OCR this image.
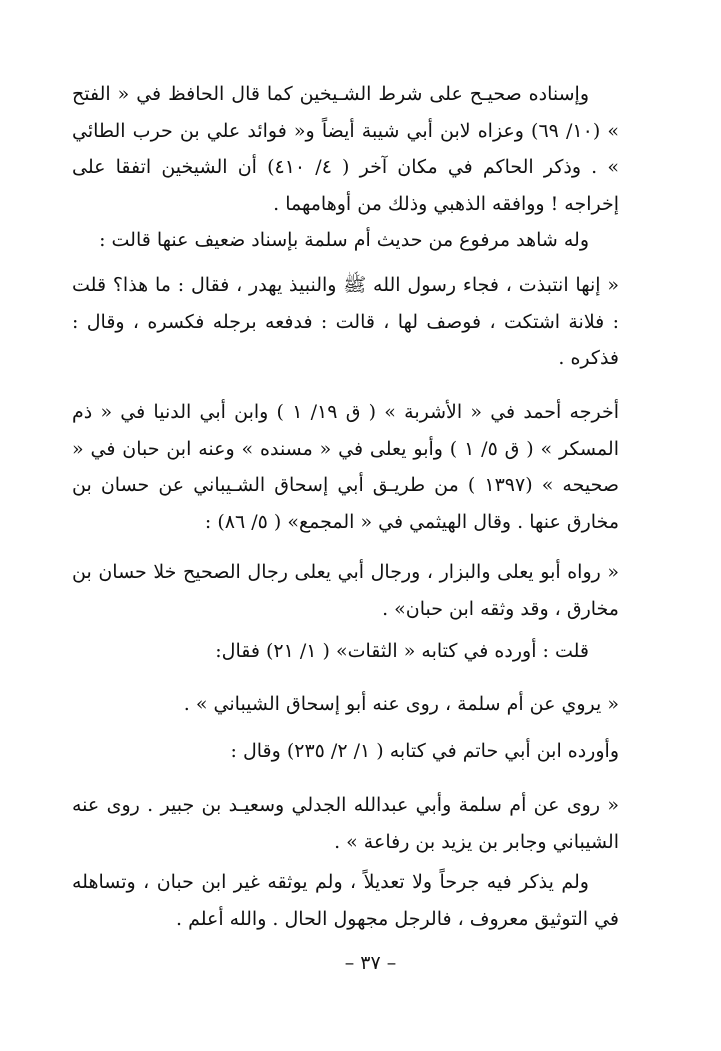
وإسناده صحيـح على شرط الشـيخين كما قال الحافظ في « الفتح » (١٠/ ٦٩) وعزاه لابن أبي شيبة أيضاً و« فوائد علي بن حرب الطائي » . وذكر الحاكم في مكان آخر ( ٤/ ٤١٠) أن الشيخين اتفقا على إخراجه ! ووافقه الذهبي وذلك من أوهامهما .

وله شاهد مرفوع من حديث أم سلمة بإسناد ضعيف عنها قالت :

« إنها انتبذت ، فجاء رسول الله ﷺ والنبيذ يهدر ، فقال : ما هذا؟ قلت : فلانة اشتكت ، فوصف لها ، قالت : فدفعه برجله فكسره ، وقال : فذكره .

أخرجه أحمد في « الأشربة » ( ق ١٩/ ١ ) وابن أبي الدنيا في « ذم المسكر » ( ق ٥/ ١ ) وأبو يعلى في « مسنده » وعنه ابن حبان في « صحيحه » (١٣٩٧ ) من طريـق أبي إسحاق الشـيباني عن حسان بن مخارق عنها . وقال الهيثمي في « المجمع» ( ٥/ ٨٦) :

« رواه أبو يعلى والبزار ، ورجال أبي يعلى رجال الصحيح خلا حسان بن مخارق ، وقد وثقه ابن حبان» .

قلت : أورده في كتابه « الثقات» ( ١/ ٢١) فقال:

« يروي عن أم سلمة ، روى عنه أبو إسحاق الشيباني » .

وأورده ابن أبي حاتم في كتابه ( ١/ ٢/ ٢٣٥) وقال :

« روى عن أم سلمة وأبي عبدالله الجدلي وسعيـد بن جبير . روى عنه الشيباني وجابر بن يزيد بن رفاعة » .

ولم يذكر فيه جرحاً ولا تعديلاً ، ولم يوثقه غير ابن حبان ، وتساهله في التوثيق معروف ، فالرجل مجهول الحال . والله أعلم .

– ٣٧ –
